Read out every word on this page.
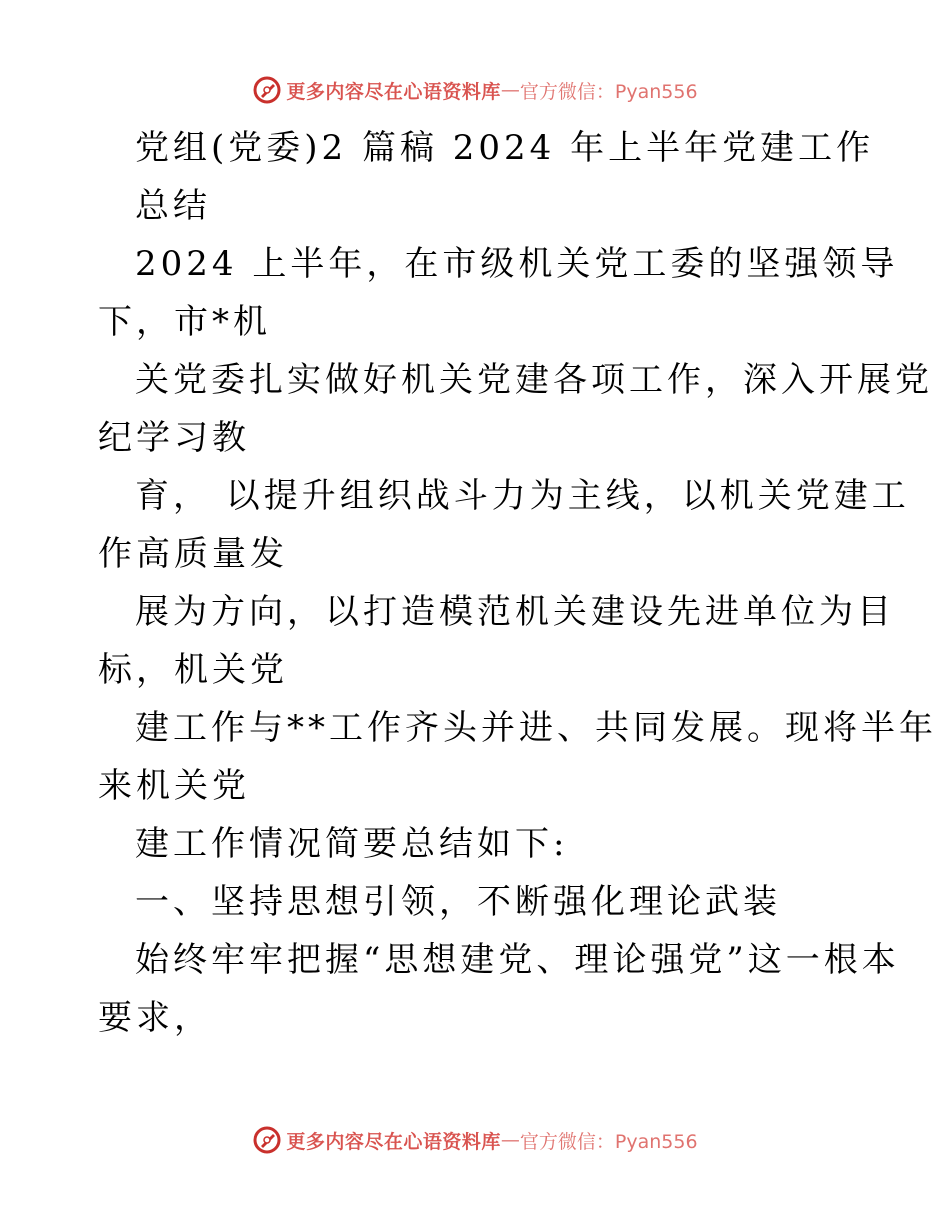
更多内容尽在心语资料库 — 官方微信：Pyan556
党组(党委)2 篇稿 2024 年上半年党建工作
总结
2024 上半年，在市级机关党工委的坚强领导
下，市*机
关党委扎实做好机关党建各项工作，深入开展党
纪学习教
育， 以提升组织战斗力为主线，以机关党建工
作高质量发
展为方向，以打造模范机关建设先进单位为目
标，机关党
建工作与**工作齐头并进、共同发展。现将半年
来机关党
建工作情况简要总结如下:
一、坚持思想引领，不断强化理论武装
始终牢牢把握“思想建党、理论强党”这一根本
要求，
更多内容尽在心语资料库 — 官方微信：Pyan556
